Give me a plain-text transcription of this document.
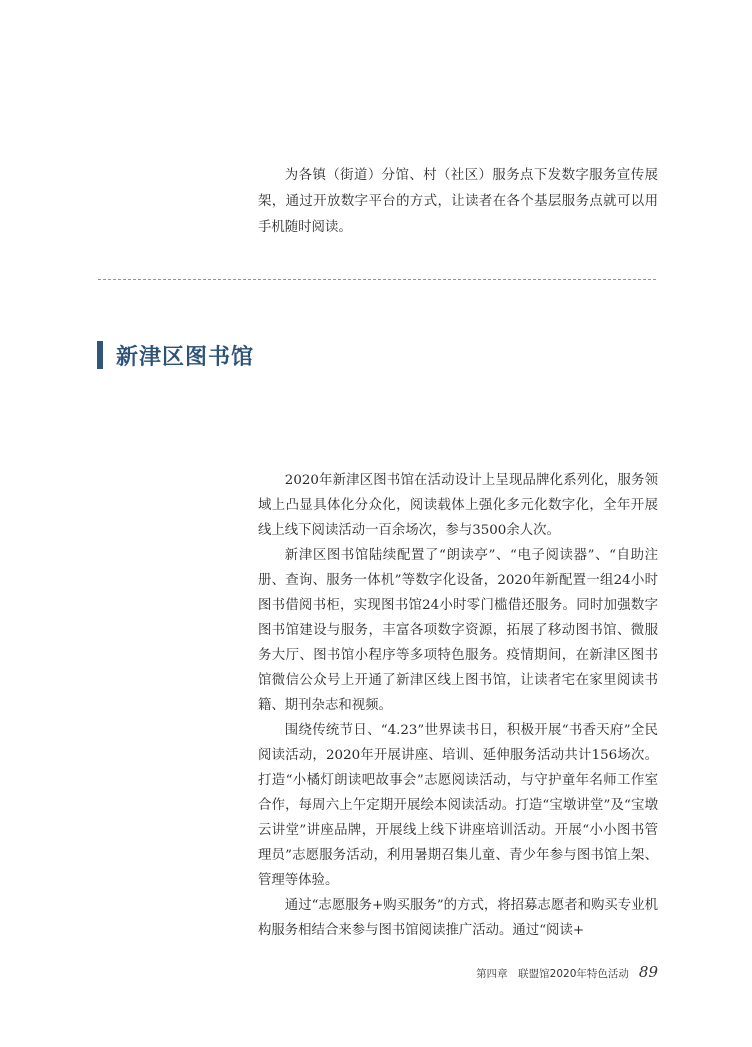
为各镇（街道）分馆、村（社区）服务点下发数字服务宣传展架，通过开放数字平台的方式，让读者在各个基层服务点就可以用手机随时阅读。

新津区图书馆

2020年新津区图书馆在活动设计上呈现品牌化系列化，服务领域上凸显具体化分众化，阅读载体上强化多元化数字化，全年开展线上线下阅读活动一百余场次，参与3500余人次。

新津区图书馆陆续配置了“朗读亭”、“电子阅读器”、“自助注册、查询、服务一体机”等数字化设备，2020年新配置一组24小时图书借阅书柜，实现图书馆24小时零门槛借还服务。同时加强数字图书馆建设与服务，丰富各项数字资源，拓展了移动图书馆、微服务大厅、图书馆小程序等多项特色服务。疫情期间，在新津区图书馆微信公众号上开通了新津区线上图书馆，让读者宅在家里阅读书籍、期刊杂志和视频。

围绕传统节日、“4.23”世界读书日，积极开展“书香天府”全民阅读活动，2020年开展讲座、培训、延伸服务活动共计156场次。打造“小橘灯朗读吧故事会”志愿阅读活动，与守护童年名师工作室合作，每周六上午定期开展绘本阅读活动。打造“宝墩讲堂”及“宝墩云讲堂”讲座品牌，开展线上线下讲座培训活动。开展“小小图书管理员”志愿服务活动，利用暑期召集儿童、青少年参与图书馆上架、管理等体验。

通过“志愿服务+购买服务”的方式，将招募志愿者和购买专业机构服务相结合来参与图书馆阅读推广活动。通过“阅读+

第四章　联盟馆2020年特色活动 89
